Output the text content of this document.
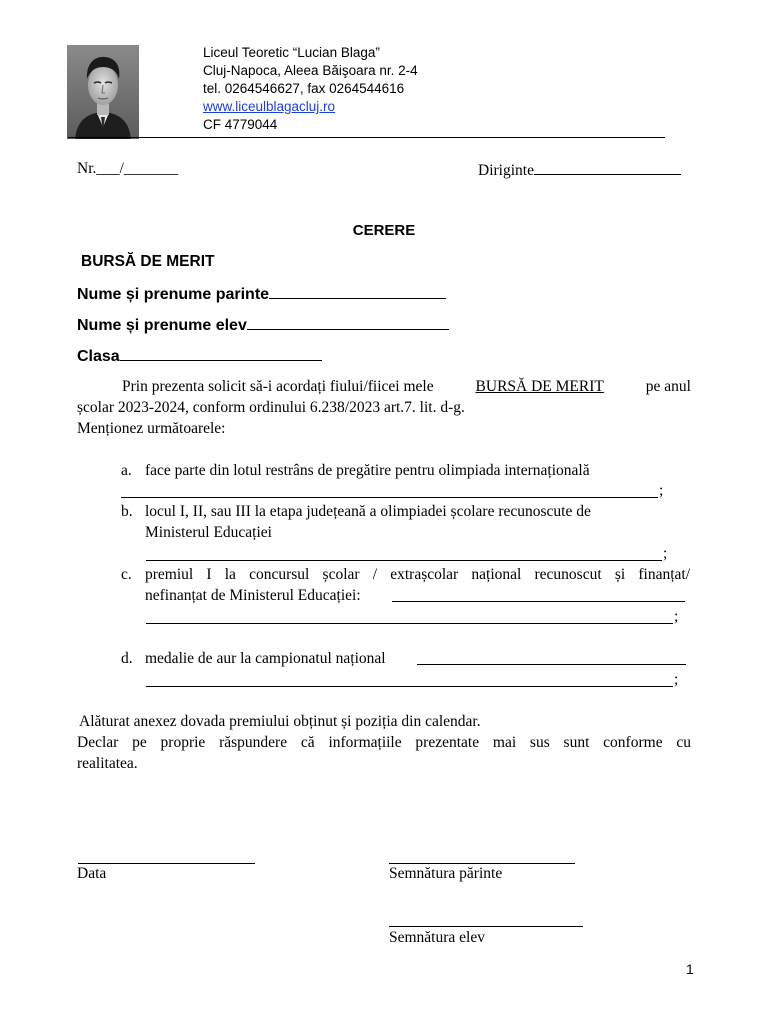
Liceul Teoretic “Lucian Blaga”
Cluj-Napoca, Aleea Băişoara nr. 2-4
tel. 0264546627, fax 0264544616
www.liceulblagacluj.ro
CF 4779044
Nr.___/_______	Diriginte
CERERE
BURSĂ DE MERIT
Nume și prenume parinte
Nume și prenume elev
Clasa
Prin prezenta solicit să-i acordați fiului/fiicei mele	BURSĂ DE MERIT	pe anul
școlar 2023-2024, conform ordinului 6.238/2023 art.7. lit. d-g.
Menționez următoarele:
a. face parte din lotul restrâns de pregătire pentru olimpiada internațională
;
b. locul I, II, sau III la etapa județeană a olimpiadei școlare recunoscute de
Ministerul Educației
;
c. premiul I la concursul școlar / extrașcolar național recunoscut și finanțat/
nefinanțat de Ministerul Educației:
;
d. medalie de aur la campionatul național
;
Alăturat anexez dovada premiului obținut și poziția din calendar.
Declar pe proprie răspundere că informațiile prezentate mai sus sunt conforme cu
realitatea.
Data	Semnătura părinte
Semnătura elev
1
